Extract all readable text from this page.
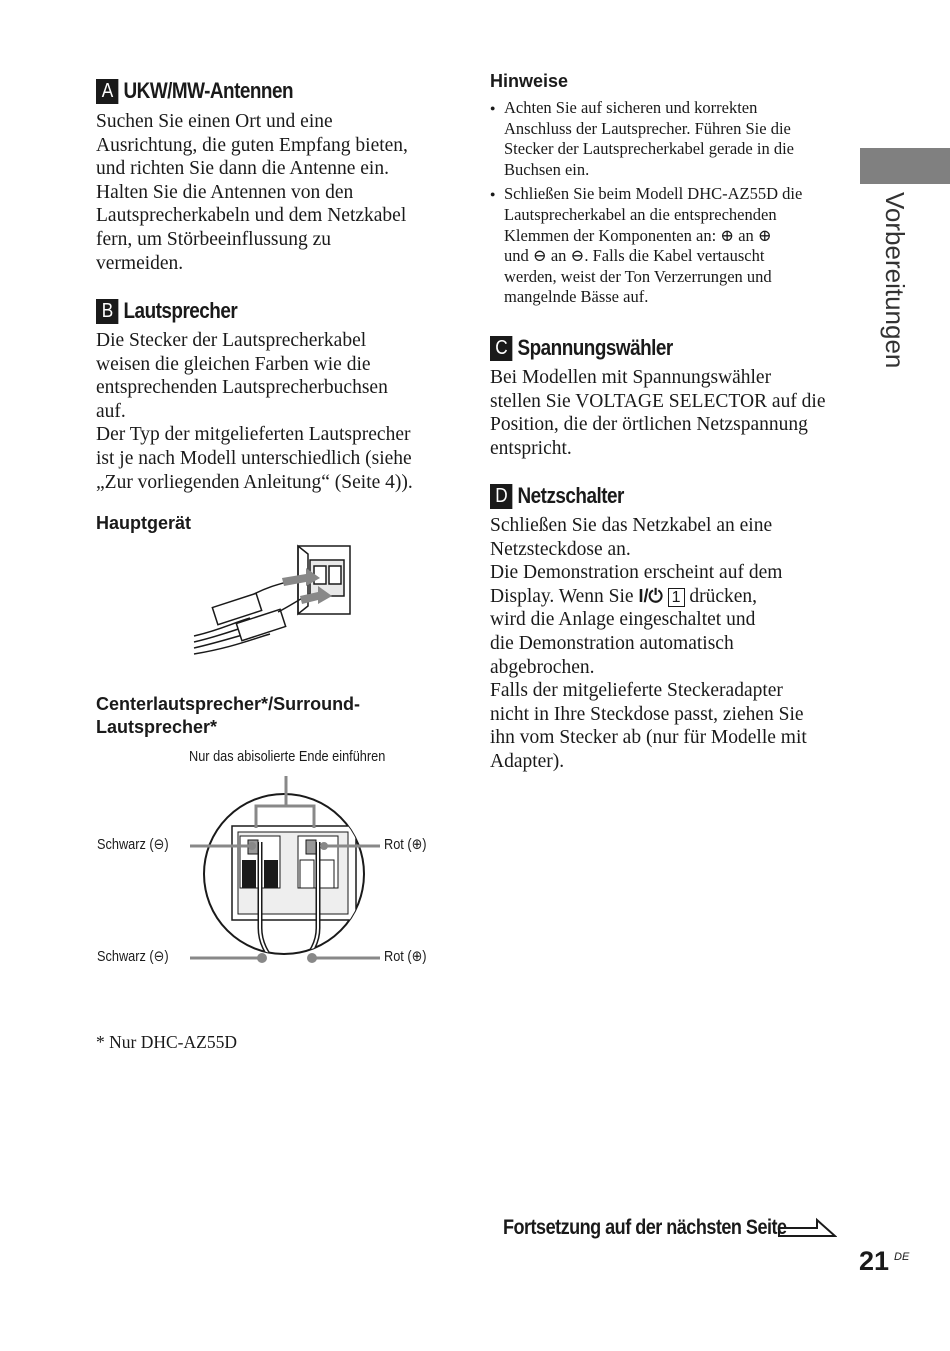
Vorbereitungen
A UKW/MW-Antennen
Suchen Sie einen Ort und eine
Ausrichtung, die guten Empfang bieten,
und richten Sie dann die Antenne ein.
Halten Sie die Antennen von den
Lautsprecherkabeln und dem Netzkabel
fern, um Störbeeinflussung zu
vermeiden.
B Lautsprecher
Die Stecker der Lautsprecherkabel
weisen die gleichen Farben wie die
entsprechenden Lautsprecherbuchsen
auf.
Der Typ der mitgelieferten Lautsprecher
ist je nach Modell unterschiedlich (siehe
„Zur vorliegenden Anleitung“ (Seite 4)).
Hauptgerät
Centerlautsprecher*/Surround-
Lautsprecher*
Nur das abisolierte Ende einführen
Schwarz (⊖)	Rot (⊕)
Schwarz (⊖)	Rot (⊕)
* Nur DHC-AZ55D
Hinweise
● Achten Sie auf sicheren und korrekten
Anschluss der Lautsprecher. Führen Sie die
Stecker der Lautsprecherkabel gerade in die
Buchsen ein.
● Schließen Sie beim Modell DHC-AZ55D die
Lautsprecherkabel an die entsprechenden
Klemmen der Komponenten an: ⊕ an ⊕
und ⊖ an ⊖. Falls die Kabel vertauscht
werden, weist der Ton Verzerrungen und
mangelnde Bässe auf.
C Spannungswähler
Bei Modellen mit Spannungswähler
stellen Sie VOLTAGE SELECTOR auf die
Position, die der örtlichen Netzspannung
entspricht.
D Netzschalter
Schließen Sie das Netzkabel an eine
Netzsteckdose an.
Die Demonstration erscheint auf dem
Display. Wenn Sie I/⏻ 1 drücken,
wird die Anlage eingeschaltet und
die Demonstration automatisch
abgebrochen.
Falls der mitgelieferte Steckeradapter
nicht in Ihre Steckdose passt, ziehen Sie
ihn vom Stecker ab (nur für Modelle mit
Adapter).
Fortsetzung auf der nächsten Seite
21 DE
